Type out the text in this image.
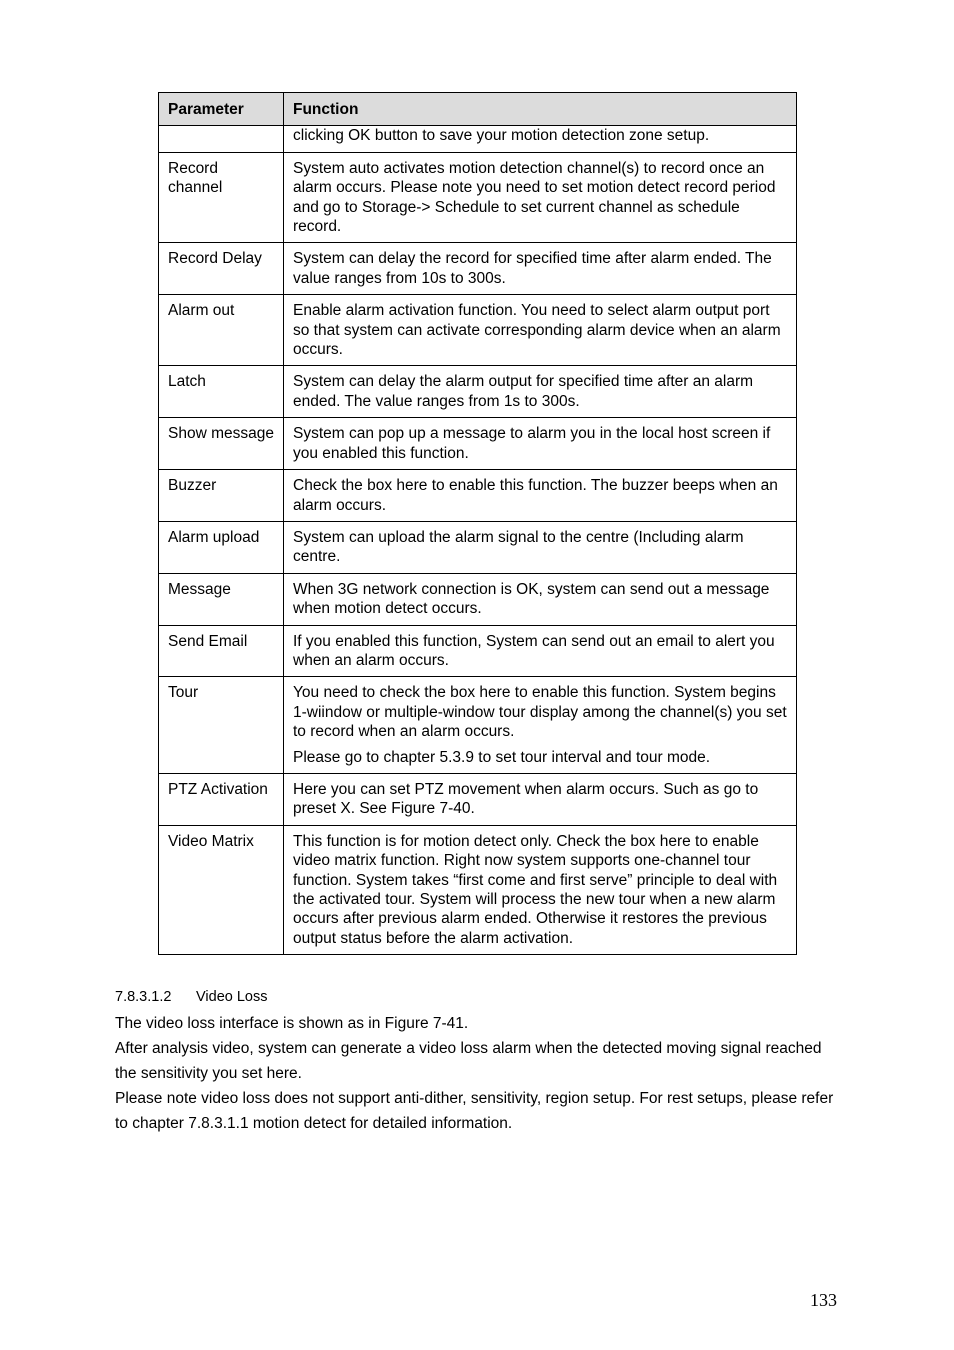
Parameter	Function
	clicking OK button to save your motion detection zone setup.
Record channel	System auto activates motion detection channel(s) to record once an alarm occurs. Please note you need to set motion detect record period and go to Storage-> Schedule to set current channel as schedule record.

Record Delay	System can delay the record for specified time after alarm ended. The value ranges from 10s to 300s.

Alarm out	Enable alarm activation function. You need to select alarm output port so that system can activate corresponding alarm device when an alarm occurs.

Latch	System can delay the alarm output for specified time after an alarm ended. The value ranges from 1s to 300s.

Show message	System can pop up a message to alarm you in the local host screen if you enabled this function.

Buzzer	Check the box here to enable this function. The buzzer beeps when an alarm occurs.

Alarm upload	System can upload the alarm signal to the centre (Including alarm centre.

Message	When 3G network connection is OK, system can send out a message when motion detect occurs.

Send Email	If you enabled this function, System can send out an email to alert you when an alarm occurs.

Tour	You need to check the box here to enable this function. System begins 1-wiindow or multiple-window tour display among the channel(s) you set to record when an alarm occurs.

Please go to chapter 5.3.9 to set tour interval and tour mode.

PTZ Activation	Here you can set PTZ movement when alarm occurs. Such as go to preset X. See Figure 7-40.

Video Matrix	This function is for motion detect only. Check the box here to enable video matrix function. Right now system supports one-channel tour function. System takes “first come and first serve” principle to deal with the activated tour. System will process the new tour when a new alarm occurs after previous alarm ended. Otherwise it restores the previous output status before the alarm activation.

7.8.3.1.2 Video Loss

The video loss interface is shown as in Figure 7-41.

After analysis video, system can generate a video loss alarm when the detected moving signal reached the sensitivity you set here.

Please note video loss does not support anti-dither, sensitivity, region setup. For rest setups, please refer to chapter 7.8.3.1.1 motion detect for detailed information.

133
